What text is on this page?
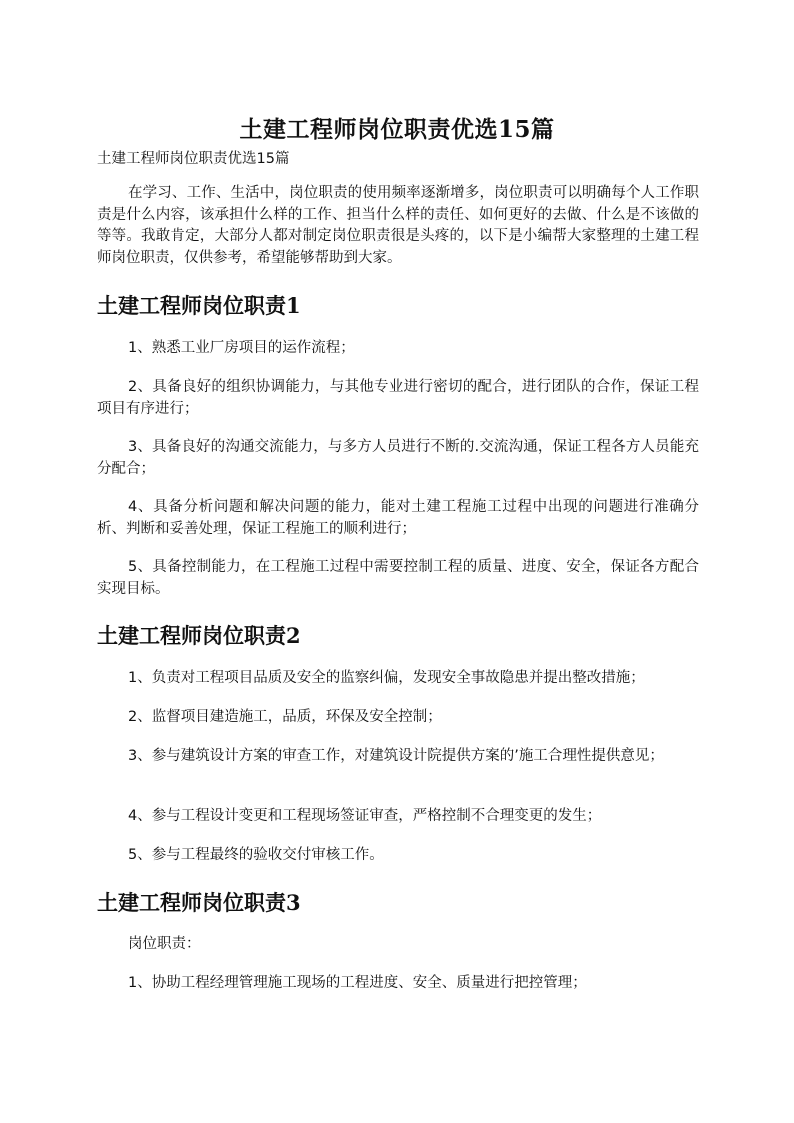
土建工程师岗位职责优选15篇
土建工程师岗位职责优选15篇

在学习、工作、生活中，岗位职责的使用频率逐渐增多，岗位职责可以明确每个人工作职责是什么内容，该承担什么样的工作、担当什么样的责任、如何更好的去做、什么是不该做的等等。我敢肯定，大部分人都对制定岗位职责很是头疼的，以下是小编帮大家整理的土建工程师岗位职责，仅供参考，希望能够帮助到大家。

土建工程师岗位职责1

1、熟悉工业厂房项目的运作流程；

2、具备良好的组织协调能力，与其他专业进行密切的配合，进行团队的合作，保证工程项目有序进行；

3、具备良好的沟通交流能力，与多方人员进行不断的.交流沟通，保证工程各方人员能充分配合；

4、具备分析问题和解决问题的能力，能对土建工程施工过程中出现的问题进行准确分析、判断和妥善处理，保证工程施工的顺利进行；

5、具备控制能力，在工程施工过程中需要控制工程的质量、进度、安全，保证各方配合实现目标。

土建工程师岗位职责2

1、负责对工程项目品质及安全的监察纠偏，发现安全事故隐患并提出整改措施；

2、监督项目建造施工，品质，环保及安全控制；

3、参与建筑设计方案的审查工作，对建筑设计院提供方案的’施工合理性提供意见；

4、参与工程设计变更和工程现场签证审查，严格控制不合理变更的发生；

5、参与工程最终的验收交付审核工作。

土建工程师岗位职责3

岗位职责：

1、协助工程经理管理施工现场的工程进度、安全、质量进行把控管理；
